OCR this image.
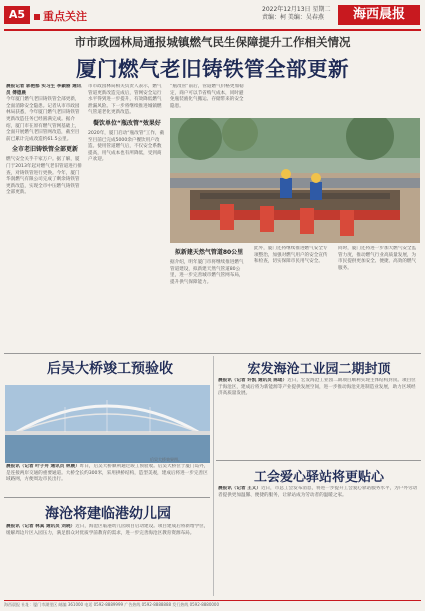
A5	重点关注
2022年12月13日 星期二
责编：柯 美编：吴春燕	海西晨报
市市政园林局通报城镇燃气民生保障提升工作相关情况
厦门燃气老旧铸铁管全部更新
晨报记者 郭艳都 实习生 李颖丽 通讯员 傅德晨
今年厦门燃气老旧铸铁管全部更新，全面消除安全隐患。记者从市市政园林局获悉，今年厦门燃气老旧铸铁管更新改造任务已经圆满完成。据介绍，厦门市在原有燃气管网基础上，全面开展燃气老旧管网改造，截至目前已累计完成改造约61.5公里。
全市老旧铸铁管全部更新
燃气安全关乎千家万户。据了解，厦门于2013年起对燃气老旧管道进行排查，对铸铁管进行更换。今年，厦门华润燃气有限公司完成了剩余铸铁管更新改造，实现全市中压燃气铸铁管全部更新。
市市政园林局相关负责人表示，燃气管道更新改造完成后，管网安全运行水平得到进一步提升，有效降低燃气泄漏风险。下一步将继续推进城镇燃气管道老化更新改造。
餐饮单位“瓶改管”效果好
2020年，厦门启动“瓶改管”工作，截至目前已完成5000余户餐饮用户改造。使用管道燃气后，不仅安全系数提高，用气成本也有所降低，受到商户欢迎。
“瓶改管”前后，管道燃气价格更加稳定，商户可以节省购气成本，同时避免瓶装液化气搬运、存储带来的安全隐患。
拟新建天然气管道80公里
据介绍，明年厦门市将继续推进燃气管道建设，拟新建天然气管道80公里，进一步完善城市燃气管网布局，提升供气保障能力。
此外，厦门还将继续推进燃气安全专项整治，加强对燃气用户的安全宣传和检查，切实保障市民用气安全。
同时，厦门还将进一步加大燃气安全监管力度，推动燃气行业高质量发展，为市民提供更加安全、便捷、高效的燃气服务。
后吴大桥竣工预验收
后吴大桥效果图。
晨报讯（记者 叶子舟 通讯员 林晨）昨日，后吴大桥顺利通过竣工预验收。后吴大桥位于厦门岛外，是连接两岸交通的重要通道。大桥全长约300米，采用拱桥结构，造型美观，建成后将进一步完善区域路网，方便周边市民出行。
宏发海沧工业园二期封顶
晨报讯（记者 许凯 通讯员 陈瑶）近日，宏发海沧工业园二期项目顺利实现主体结构封顶。项目位于海沧区，建成后将为新能源等产业提供发展空间，进一步推动海沧先进制造业发展，助力区域经济高质量发展。
工会爱心驿站将更贴心
晨报讯（记者 王义）近日，市总工会发布消息，将进一步提升工会爱心驿站服务水平，为户外劳动者提供更加温馨、便捷的服务，让驿站成为劳动者的温暖之家。
海沧将建临港幼儿园
晨报讯（记者 林真 通讯员 刘晓）近日，海沧区临港幼儿园项目启动建设。项目建成后将新增学位，缓解周边片区入园压力，满足群众对优质学前教育的需求，进一步完善海沧区教育资源布局。
海西晨报 社址：厦门市湖里区 邮编 361000 电话 0592-8889999 广告热线 0592-8888888 发行热线 0592-8880000
